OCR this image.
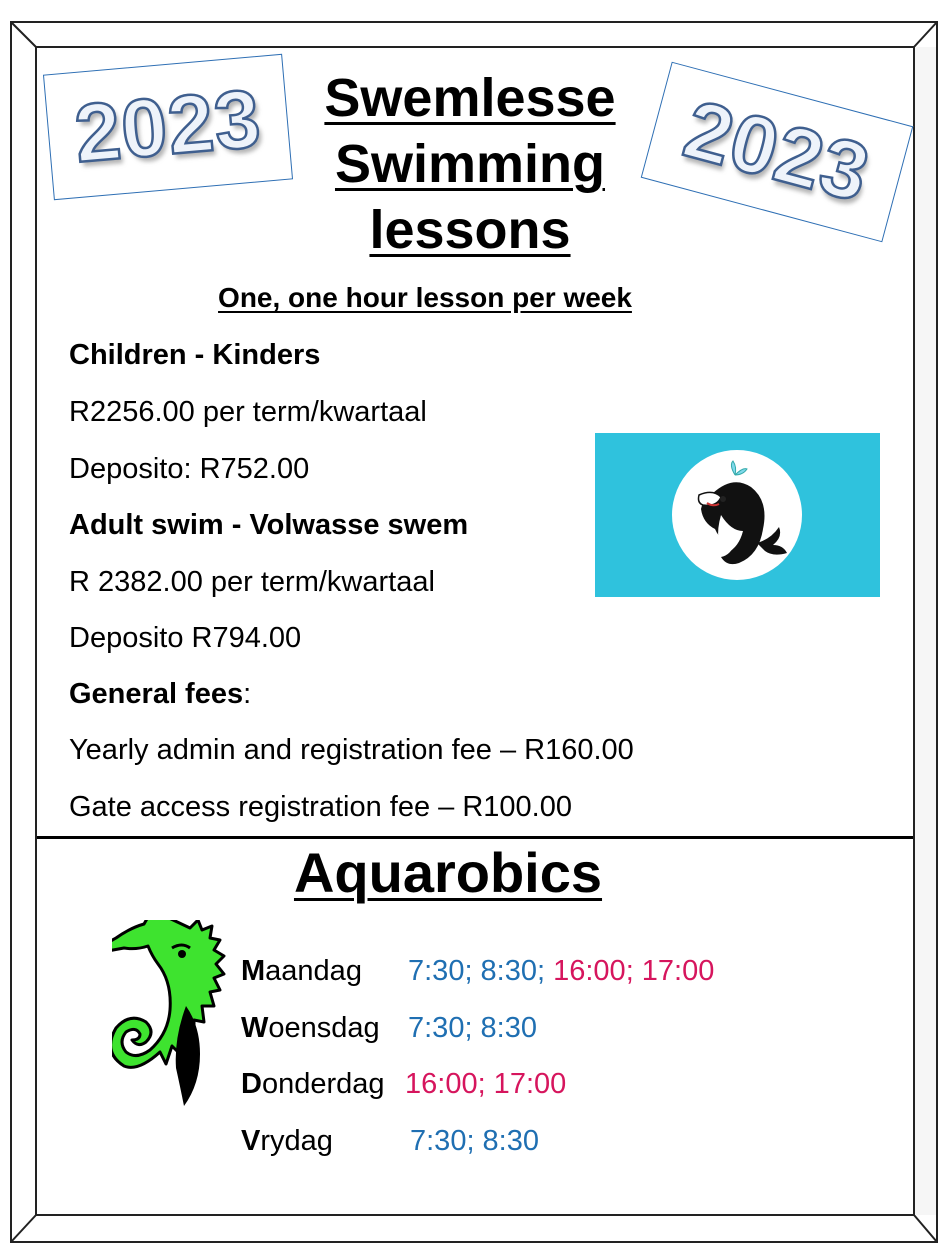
2023	2023
Swemlesse
Swimming
lessons
One, one hour lesson per week
Children - Kinders
R2256.00 per term/kwartaal
Deposito: R752.00
Adult swim - Volwasse swem
R 2382.00 per term/kwartaal
Deposito R794.00
General fees:
Yearly admin and registration fee – R160.00
Gate access registration fee – R100.00
Aquarobics
Maandag 7:30; 8:30; 16:00; 17:00
Woensdag 7:30; 8:30
Donderdag 16:00; 17:00
Vrydag	7:30; 8:30
